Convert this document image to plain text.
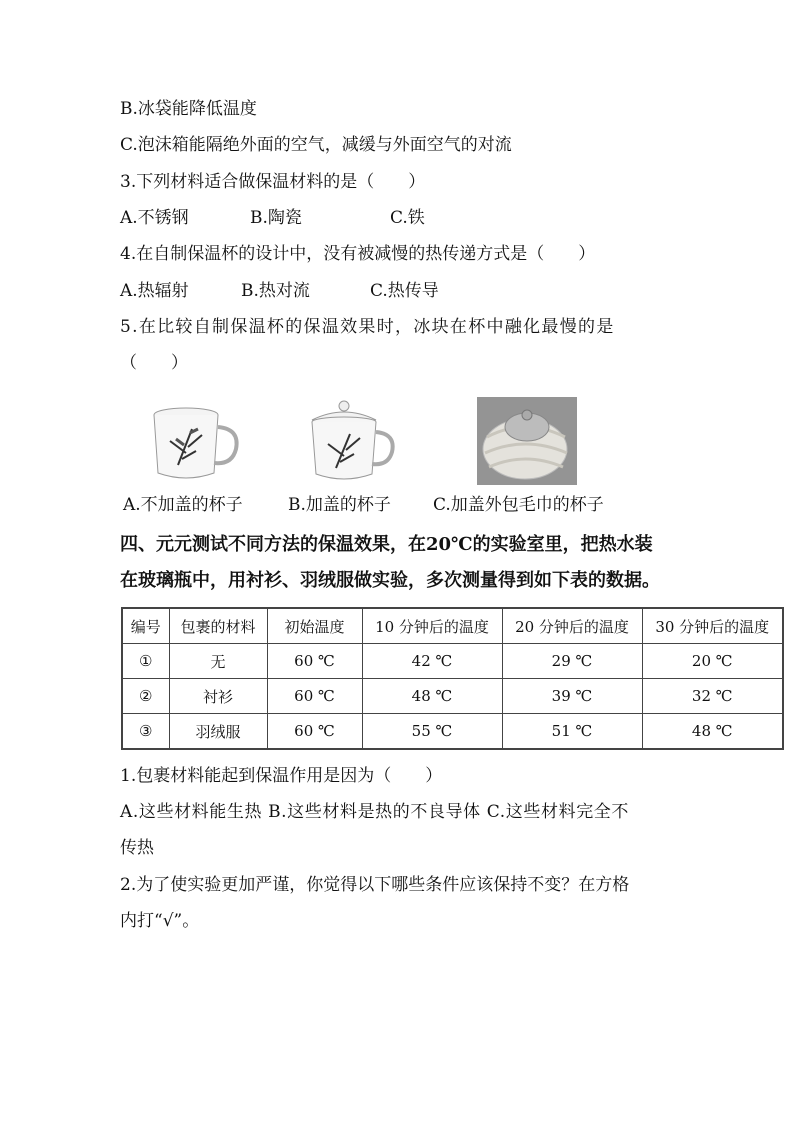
B.冰袋能降低温度
C.泡沫箱能隔绝外面的空气，减缓与外面空气的对流
3.下列材料适合做保温材料的是（　　）
A.不锈钢	B.陶瓷	C.铁
4.在自制保温杯的设计中，没有被减慢的热传递方式是（　　）
A.热辐射	B.热对流	C.热传导
5.在比较自制保温杯的保温效果时，冰块在杯中融化最慢的是
（　　）
A.不加盖的杯子	B.加盖的杯子 C.加盖外包毛巾的杯子
四、元元测试不同方法的保温效果，在20℃的实验室里，把热水装
在玻璃瓶中，用衬衫、羽绒服做实验，多次测量得到如下表的数据。
编号	包裹的材料	初始温度	10 分钟后的温度	20 分钟后的温度	30 分钟后的温度
①	无	60 ℃	42 ℃	29 ℃	20 ℃
②	衬衫	60 ℃	48 ℃	39 ℃	32 ℃
③	羽绒服	60 ℃	55 ℃	51 ℃	48 ℃
1.包裹材料能起到保温作用是因为（　　）
A.这些材料能生热 B.这些材料是热的不良导体 C.这些材料完全不
传热
2.为了使实验更加严谨，你觉得以下哪些条件应该保持不变？在方格
内打“√”。
